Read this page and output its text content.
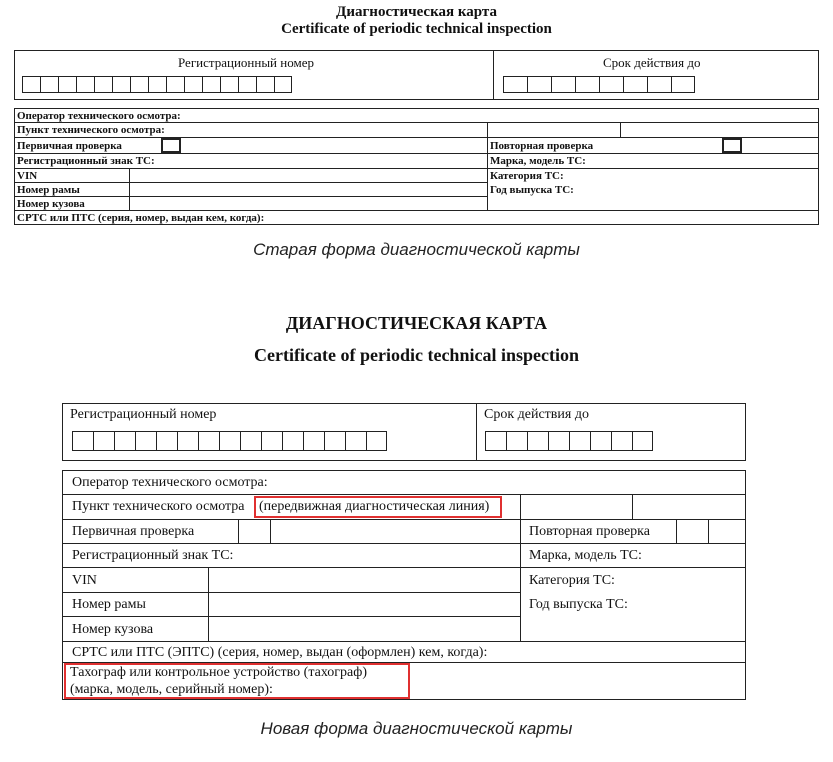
Диагностическая карта
Certificate of periodic technical inspection
Регистрационный номер	Срок действия до
Оператор технического осмотра:
Пункт технического осмотра:
Первичная проверка	Повторная проверка
Регистрационный знак ТС:	Марка, модель ТС:
VIN	Категория ТС:
Номер рамы	Год выпуска ТС:
Номер кузова
СРТС или ПТС (серия, номер, выдан кем, когда):
Старая форма диагностической карты
ДИАГНОСТИЧЕСКАЯ КАРТА
Certificate of periodic technical inspection
Регистрационный номер	Срок действия до
Оператор технического осмотра:
Пункт технического осмотра (передвижная диагностическая линия)
Первичная проверка	Повторная проверка
Регистрационный знак ТС:	Марка, модель ТС:
VIN	Категория ТС:
Номер рамы	Год выпуска ТС:
Номер кузова
СРТС или ПТС (ЭПТС) (серия, номер, выдан (оформлен) кем, когда):
Тахограф или контрольное устройство (тахограф)
(марка, модель, серийный номер):
Новая форма диагностической карты
